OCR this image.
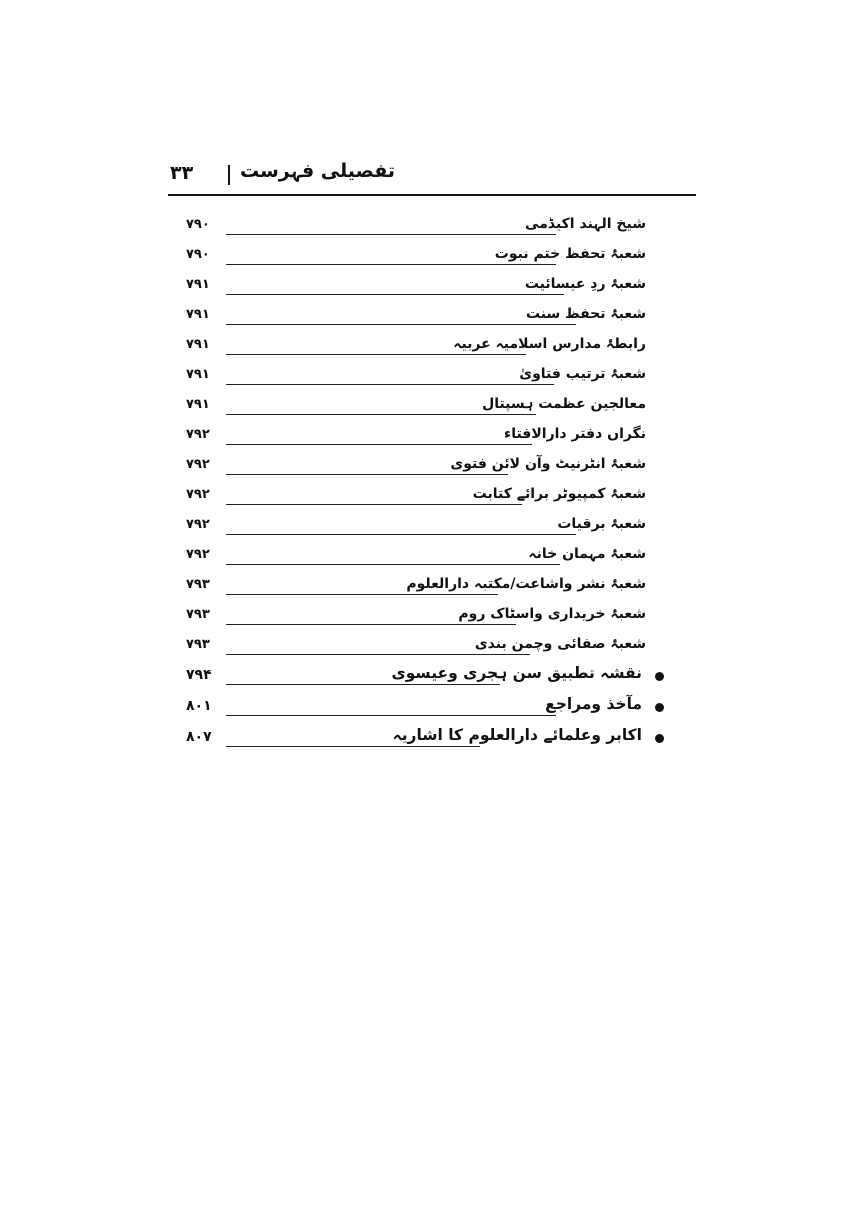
۳۳ تفصیلی فہرست
۷۹۰	شیخ الہند اکیڈمی
۷۹۰	شعبۂ تحفظ ختم نبوت
۷۹۱	شعبۂ ردِ عیسائیت
۷۹۱	شعبۂ تحفظ سنت
۷۹۱	رابطۂ مدارس اسلامیہ عربیہ
۷۹۱	شعبۂ ترتیب فتاویٰ
۷۹۱	معالجین عظمت ہسپتال
۷۹۲	نگراں دفتر دارالافتاء
۷۹۲	شعبۂ انٹرنیٹ وآن لائن فتوی
۷۹۲	شعبۂ کمپیوٹر برائے کتابت
۷۹۲	شعبۂ برقیات
۷۹۲	شعبۂ مہمان خانہ
۷۹۳	شعبۂ نشر واشاعت/مکتبہ دارالعلوم
۷۹۳	شعبۂ خریداری واسٹاک روم
۷۹۳	شعبۂ صفائی وچمن بندی
۷۹۴	نقشہ تطبیق سن ہجری وعیسوی
۸۰۱	مآخذ ومراجع
۸۰۷	اکابر وعلمائے دارالعلوم کا اشاریہ
